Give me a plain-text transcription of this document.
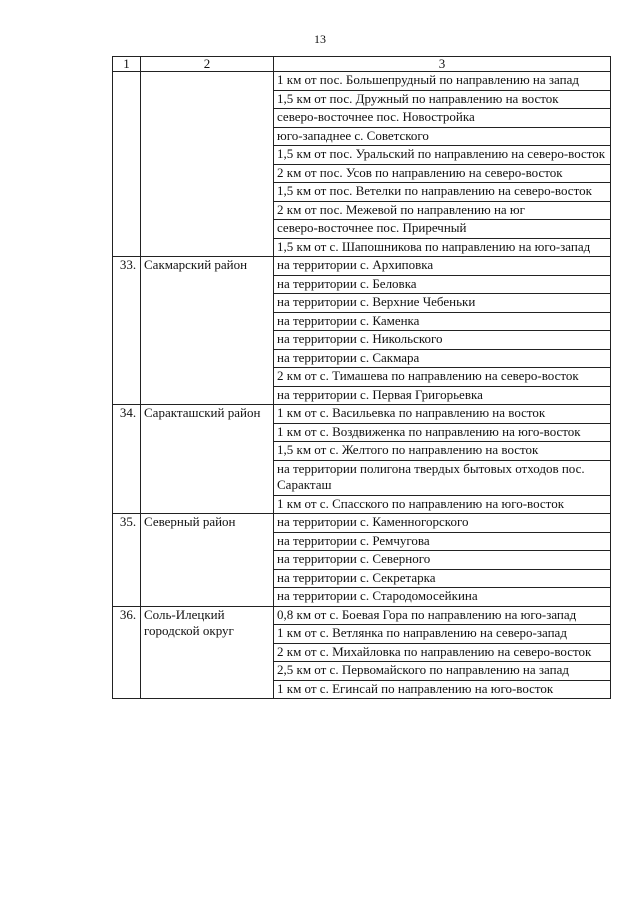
13
1	2	3
		1 км от пос. Большепрудный по направлению на запад
		1,5 км от пос. Дружный по направлению на восток
		северо-восточнее пос. Новостройка
		юго-западнее с. Советского
		1,5 км от пос. Уральский по направлению на северо-восток
		2 км от пос. Усов по направлению на северо-восток
		1,5 км от пос. Ветелки по направлению на северо-восток
		2 км от пос. Межевой по направлению на юг
		северо-восточнее пос. Приречный
		1,5 км от с. Шапошникова по направлению на юго-запад
33.	Сакмарский район	на территории с. Архиповка
		на территории с. Беловка
		на территории с. Верхние Чебеньки
		на территории с. Каменка
		на территории с. Никольского
		на территории с. Сакмара
		2 км от с. Тимашева по направлению на северо-восток
		на территории с. Первая Григорьевка
34.	Саракташский район	1 км от с. Васильевка по направлению на восток
		1 км от с. Воздвиженка по направлению на юго-восток
		1,5 км от с. Желтого по направлению на восток
		на территории полигона твердых бытовых отходов пос. Саракташ
		1 км от с. Спасского по направлению на юго-восток
35.	Северный район	на территории с. Каменногорского
		на территории с. Ремчугова
		на территории с. Северного
		на территории с. Секретарка
		на территории с. Стародомосейкина
36.	Соль-Илецкий городской округ	0,8 км от с. Боевая Гора по направлению на юго-запад
		1 км от с. Ветлянка по направлению на северо-запад
		2 км от с. Михайловка по направлению на северо-восток
		2,5 км от с. Первомайского по направлению на запад
		1 км от с. Егинсай по направлению на юго-восток
